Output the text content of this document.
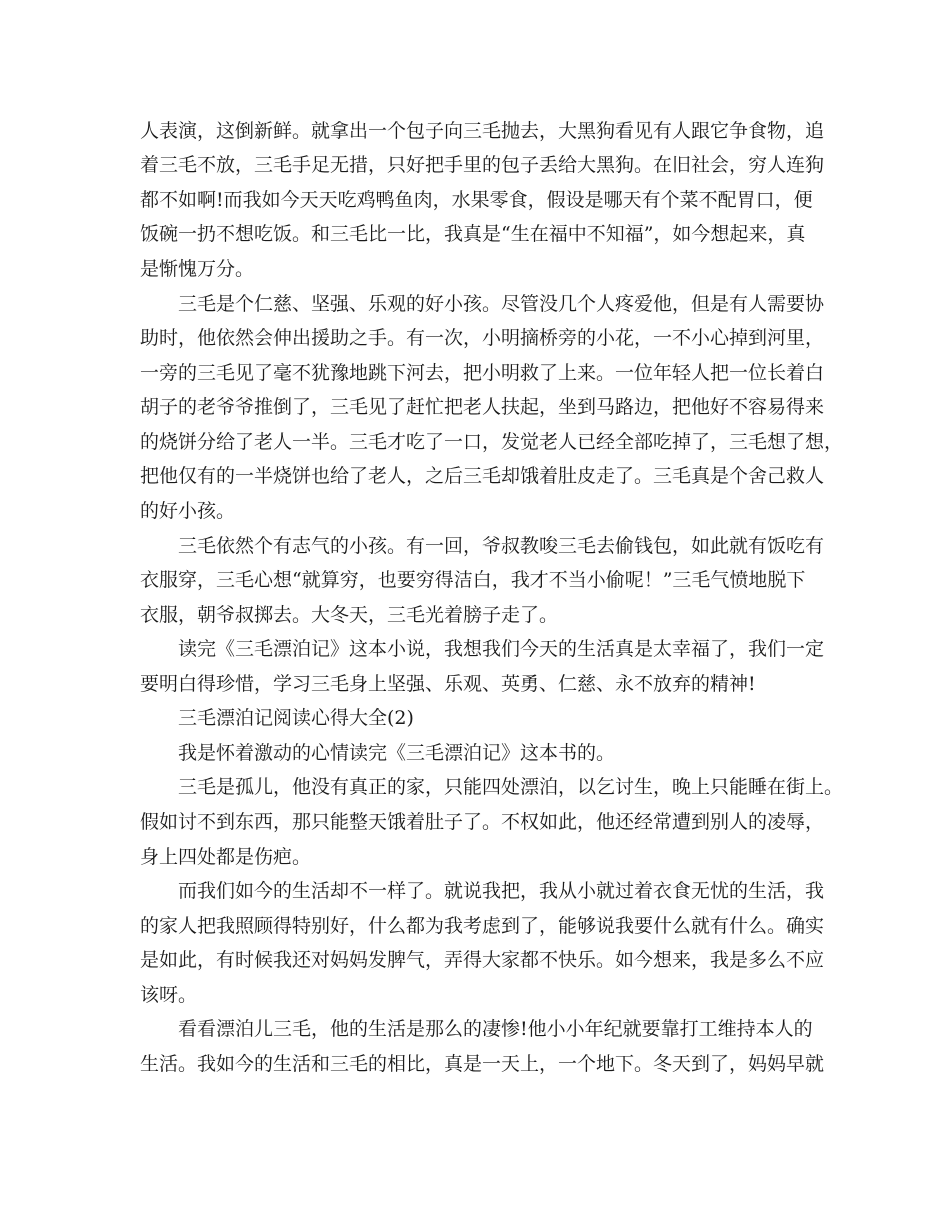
人表演，这倒新鲜。就拿出一个包子向三毛抛去，大黑狗看见有人跟它争食物，追
着三毛不放，三毛手足无措，只好把手里的包子丢给大黑狗。在旧社会，穷人连狗
都不如啊!而我如今天天吃鸡鸭鱼肉，水果零食，假设是哪天有个菜不配胃口，便
饭碗一扔不想吃饭。和三毛比一比，我真是“生在福中不知福”，如今想起来，真
是惭愧万分。
三毛是个仁慈、坚强、乐观的好小孩。尽管没几个人疼爱他，但是有人需要协
助时，他依然会伸出援助之手。有一次，小明摘桥旁的小花，一不小心掉到河里，
一旁的三毛见了毫不犹豫地跳下河去，把小明救了上来。一位年轻人把一位长着白
胡子的老爷爷推倒了，三毛见了赶忙把老人扶起，坐到马路边，把他好不容易得来
的烧饼分给了老人一半。三毛才吃了一口，发觉老人已经全部吃掉了，三毛想了想，
把他仅有的一半烧饼也给了老人，之后三毛却饿着肚皮走了。三毛真是个舍己救人
的好小孩。
三毛依然个有志气的小孩。有一回，爷叔教唆三毛去偷钱包，如此就有饭吃有
衣服穿，三毛心想“就算穷，也要穷得洁白，我才不当小偷呢！”三毛气愤地脱下
衣服，朝爷叔掷去。大冬天，三毛光着膀子走了。
读完《三毛漂泊记》这本小说，我想我们今天的生活真是太幸福了，我们一定
要明白得珍惜，学习三毛身上坚强、乐观、英勇、仁慈、永不放弃的精神!
三毛漂泊记阅读心得大全(2)
我是怀着激动的心情读完《三毛漂泊记》这本书的。
三毛是孤儿，他没有真正的家，只能四处漂泊，以乞讨生，晚上只能睡在街上。
假如讨不到东西，那只能整天饿着肚子了。不权如此，他还经常遭到别人的凌辱，
身上四处都是伤疤。
而我们如今的生活却不一样了。就说我把，我从小就过着衣食无忧的生活，我
的家人把我照顾得特别好，什么都为我考虑到了，能够说我要什么就有什么。确实
是如此，有时候我还对妈妈发脾气，弄得大家都不快乐。如今想来，我是多么不应
该呀。
看看漂泊儿三毛，他的生活是那么的凄惨!他小小年纪就要靠打工维持本人的
生活。我如今的生活和三毛的相比，真是一天上，一个地下。冬天到了，妈妈早就
